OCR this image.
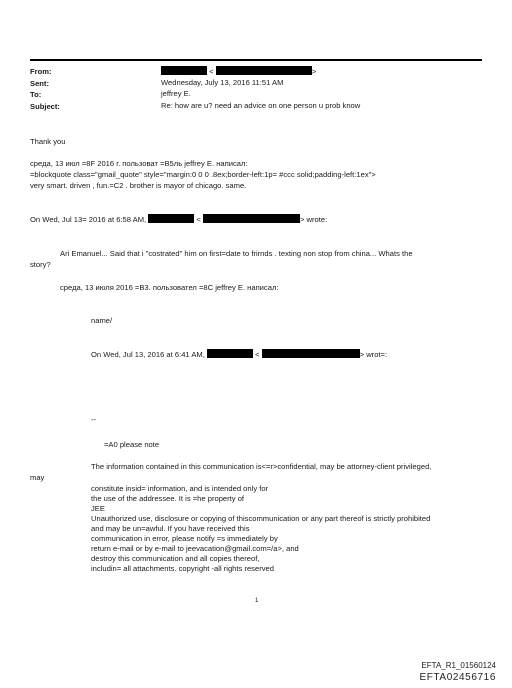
From:	<	>
Sent:	Wednesday, July 13, 2016 11:51 AM
To:	jeffrey E.
Subject:	Re: how are u? need an advice on one person u prob know
Thank you
среда, 13 июл =8F 2016 г. пользоват =B5ль jeffrey E. написал:
=blockquote class="gmail_quote" style="margin:0 0 0 .8ex;border-left:1p= #ccc solid;padding-left:1ex">
very smart. driven , fun.=C2 . brother is mayor of chicago. same.
On Wed, Jul 13= 2016 at 6:58 AM,	<	> wrote:
Ari Emanuel... Said that i "costrated" him on first=date to frirnds . texting non stop from china... Whats the
story?
среда, 13 июля 2016 =B3. пользовател =8C jeffrey E. написал:
name/
On Wed, Jul 13, 2016 at 6:41 AM,	<	> wrot=:
--
=A0 please note
The information contained in this communication is<=r>confidential, may be attorney-client privileged,
may
constitute insid= information, and is intended only for
the use of the addressee. It is =he property of
JEE
Unauthorized use, disclosure or copying of thiscommunication or any part thereof is strictly prohibited
and may be un=awful. If you have received this
communication in error, please notify =s immediately by
return e-mail or by e-mail to jeevacation@gmail.com=/a>, and
destroy this communication and all copies thereof,
includin= all attachments. copyright -all rights reserved
1
EFTA_R1_01560124
EFTA02456716
